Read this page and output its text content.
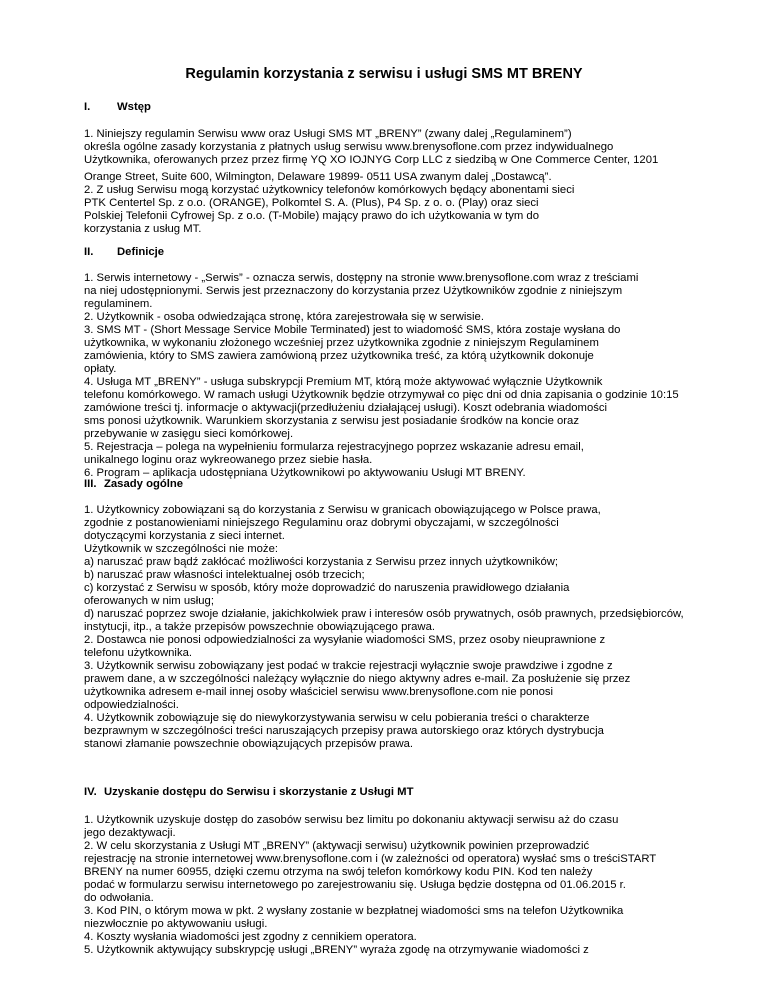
Regulamin korzystania z serwisu i usługi SMS MT BRENY
I. Wstęp
1. Niniejszy regulamin Serwisu www oraz Usługi SMS MT „BRENY” (zwany dalej „Regulaminem”)
określa ogólne zasady korzystania z płatnych usług serwisu www.brenysoflone.com przez indywidualnego
Użytkownika, oferowanych przez przez firmę YQ XO IOJNYG Corp LLC z siedzibą w One Commerce Center, 1201
Orange Street, Suite 600, Wilmington, Delaware 19899- 0511 USA zwanym dalej „Dostawcą”.
2. Z usług Serwisu mogą korzystać użytkownicy telefonów komórkowych będący abonentami sieci
PTK Centertel Sp. z o.o. (ORANGE), Polkomtel S. A. (Plus), P4 Sp. z o. o. (Play) oraz sieci
Polskiej Telefonii Cyfrowej Sp. z o.o. (T-Mobile) mający prawo do ich użytkowania w tym do
korzystania z usług MT.
II. Definicje
1. Serwis internetowy - „Serwis” - oznacza serwis, dostępny na stronie www.brenysoflone.com wraz z treściami
na niej udostępnionymi. Serwis jest przeznaczony do korzystania przez Użytkowników zgodnie z niniejszym
regulaminem.
2. Użytkownik - osoba odwiedzająca stronę, która zarejestrowała się w serwisie.
3. SMS MT - (Short Message Service Mobile Terminated) jest to wiadomość SMS, która zostaje wysłana do
użytkownika, w wykonaniu złożonego wcześniej przez użytkownika zgodnie z niniejszym Regulaminem
zamówienia, który to SMS zawiera zamówioną przez użytkownika treść, za którą użytkownik dokonuje
opłaty.
4. Usługa MT „BRENY” - usługa subskrypcji Premium MT, którą może aktywować wyłącznie Użytkownik
telefonu komórkowego. W ramach usługi Użytkownik będzie otrzymywał co pięc dni od dnia zapisania o godzinie 10:15
zamówione treści tj. informacje o aktywacji(przedłużeniu działającej usługi). Koszt odebrania wiadomości
sms ponosi użytkownik. Warunkiem skorzystania z serwisu jest posiadanie środków na koncie oraz
przebywanie w zasięgu sieci komórkowej.
5. Rejestracja – polega na wypełnieniu formularza rejestracyjnego poprzez wskazanie adresu email,
unikalnego loginu oraz wykreowanego przez siebie hasła.
6. Program – aplikacja udostępniana Użytkownikowi po aktywowaniu Usługi MT BRENY.
III. Zasady ogólne
1. Użytkownicy zobowiązani są do korzystania z Serwisu w granicach obowiązującego w Polsce prawa,
zgodnie z postanowieniami niniejszego Regulaminu oraz dobrymi obyczajami, w szczególności
dotyczącymi korzystania z sieci internet.
Użytkownik w szczególności nie może:
a) naruszać praw bądź zakłócać możliwości korzystania z Serwisu przez innych użytkowników;
b) naruszać praw własności intelektualnej osób trzecich;
c) korzystać z Serwisu w sposób, który może doprowadzić do naruszenia prawidłowego działania
oferowanych w nim usług;
d) naruszać poprzez swoje działanie, jakichkolwiek praw i interesów osób prywatnych, osób prawnych, przedsiębiorców,
instytucji, itp., a także przepisów powszechnie obowiązującego prawa.
2. Dostawca nie ponosi odpowiedzialności za wysyłanie wiadomości SMS, przez osoby nieuprawnione z
telefonu użytkownika.
3. Użytkownik serwisu zobowiązany jest podać w trakcie rejestracji wyłącznie swoje prawdziwe i zgodne z
prawem dane, a w szczególności należący wyłącznie do niego aktywny adres e-mail. Za posłużenie się przez
użytkownika adresem e-mail innej osoby właściciel serwisu www.brenysoflone.com nie ponosi
odpowiedzialności.
4. Użytkownik zobowiązuje się do niewykorzystywania serwisu w celu pobierania treści o charakterze
bezprawnym w szczególności treści naruszających przepisy prawa autorskiego oraz których dystrybucja
stanowi złamanie powszechnie obowiązujących przepisów prawa.
IV. Uzyskanie dostępu do Serwisu i skorzystanie z Usługi MT
1. Użytkownik uzyskuje dostęp do zasobów serwisu bez limitu po dokonaniu aktywacji serwisu aż do czasu
jego dezaktywacji.
2. W celu skorzystania z Usługi MT „BRENY” (aktywacji serwisu) użytkownik powinien przeprowadzić
rejestrację na stronie internetowej www.brenysoflone.com i (w zależności od operatora) wysłać sms o treściSTART
BRENY na numer 60955, dzięki czemu otrzyma na swój telefon komórkowy kodu PIN. Kod ten należy
podać w formularzu serwisu internetowego po zarejestrowaniu się. Usługa będzie dostępna od 01.06.2015 r.
do odwołania.
3. Kod PIN, o którym mowa w pkt. 2 wysłany zostanie w bezpłatnej wiadomości sms na telefon Użytkownika
niezwłocznie po aktywowaniu usługi.
4. Koszty wysłania wiadomości jest zgodny z cennikiem operatora.
5. Użytkownik aktywujący subskrypcję usługi „BRENY” wyraża zgodę na otrzymywanie wiadomości z
